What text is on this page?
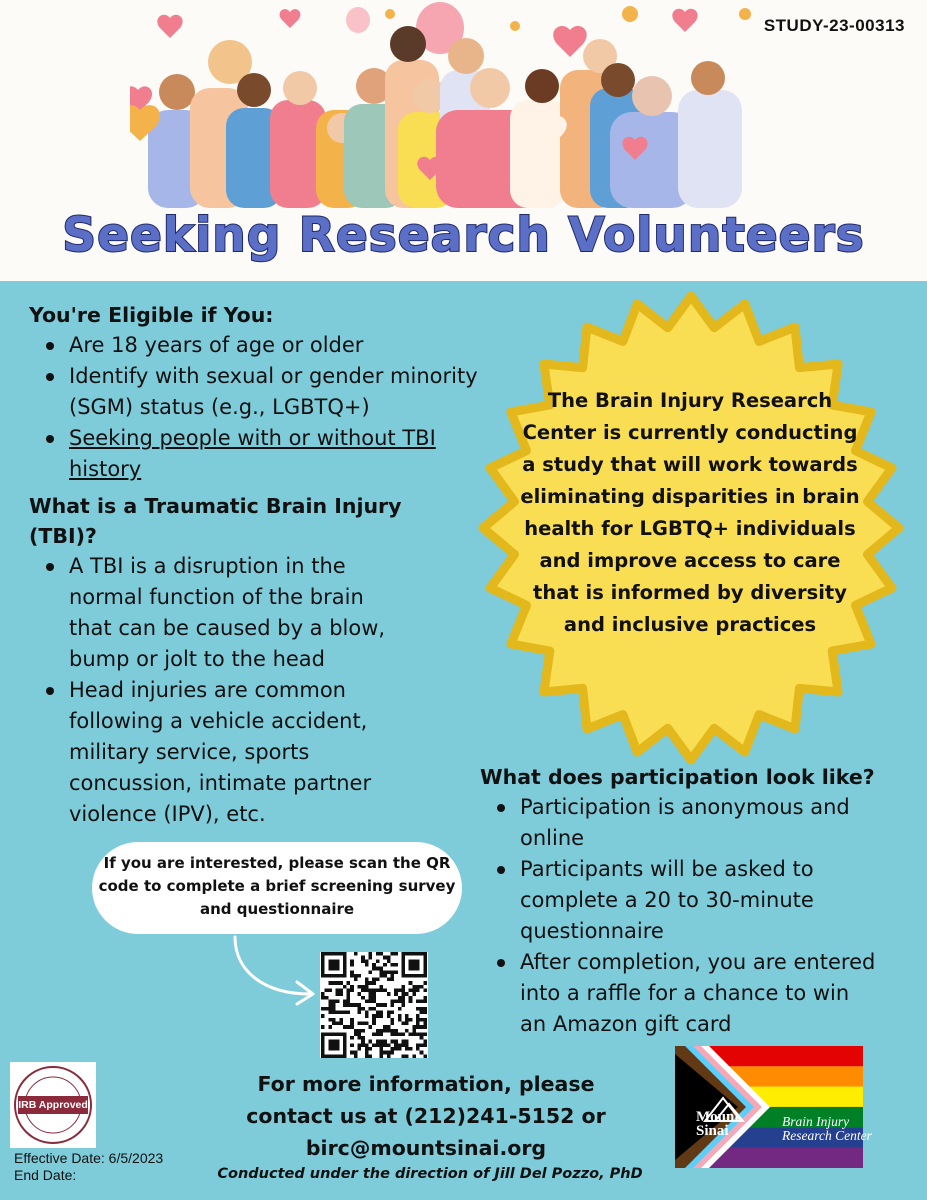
STUDY-23-00313
Seeking Research Volunteers

You're Eligible if You:

Are 18 years of age or older
Identify with sexual or gender minority (SGM) status (e.g., LGBTQ+)
Seeking people with or without TBI history

What is a Traumatic Brain Injury (TBI)?

A TBI is a disruption in the normal function of the brain that can be caused by a blow, bump or jolt to the head
Head injuries are common following a vehicle accident, military service, sports concussion, intimate partner violence (IPV), etc.
The Brain Injury Research Center is currently conducting a study that will work towards eliminating disparities in brain health for LGBTQ+ individuals and improve access to care that is informed by diversity and inclusive practices

What does participation look like?

Participation is anonymous and online
Participants will be asked to complete a 20 to 30-minute questionnaire
After completion, you are entered into a raffle for a chance to win an Amazon gift card
If you are interested, please scan the QR code to complete a brief screening survey and questionnaire
IRB Approved
Effective Date: 6/5/2023
End Date:
For more information, please
contact us at (212)241-5152 or
birc@mountsinai.org
Conducted under the direction of Jill Del Pozzo, PhD
Mount
Sinai
Brain Injury
Research Center
